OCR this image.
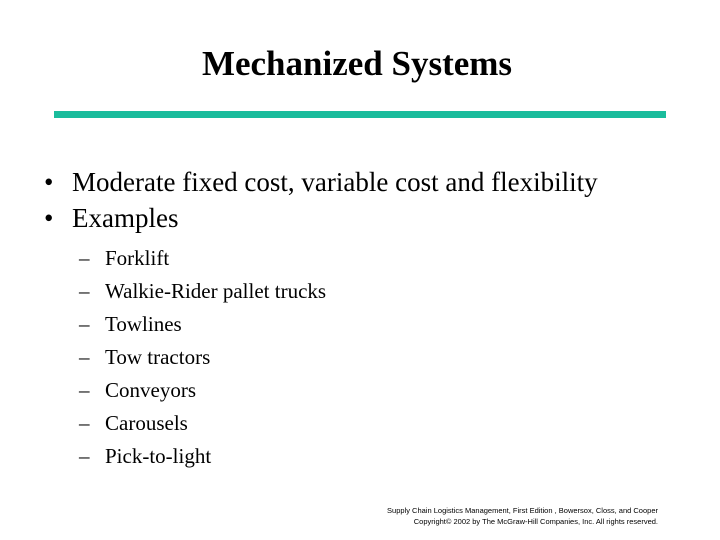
Mechanized Systems
• Moderate fixed cost, variable cost and flexibility
• Examples
– Forklift
– Walkie-Rider pallet trucks
– Towlines
– Tow tractors
– Conveyors
– Carousels
– Pick-to-light
Supply Chain Logistics Management, First Edition , Bowersox, Closs, and Cooper
Copyright© 2002 by The McGraw-Hill Companies, Inc. All rights reserved.
